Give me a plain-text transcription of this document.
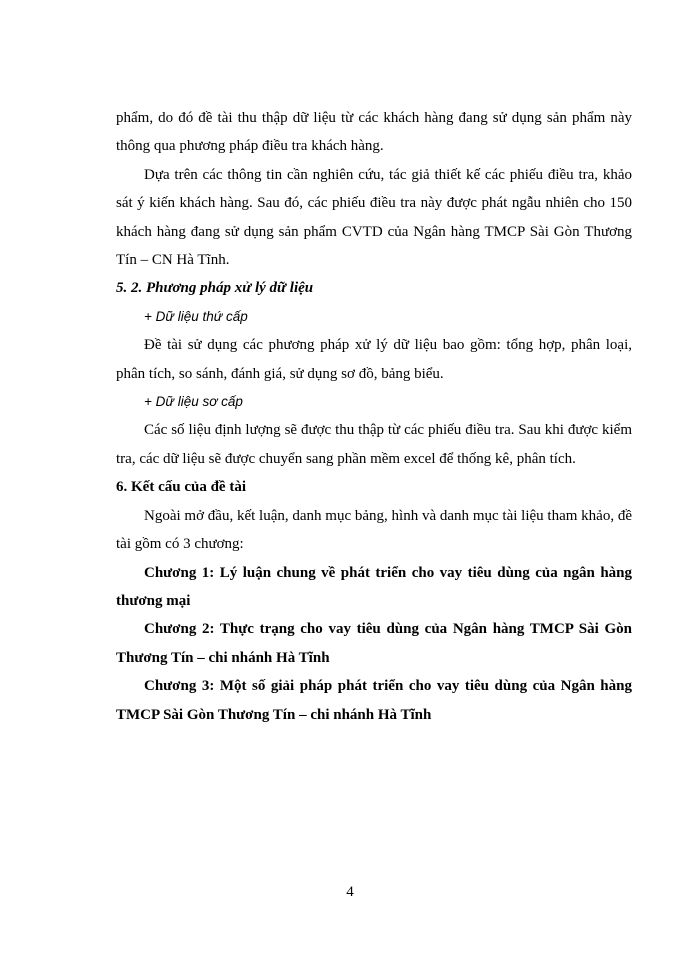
phẩm, do đó đề tài thu thập dữ liệu từ các khách hàng đang sử dụng sản phẩm này thông qua phương pháp điều tra khách hàng.

Dựa trên các thông tin cần nghiên cứu, tác giả thiết kế các phiếu điều tra, khảo sát ý kiến khách hàng. Sau đó, các phiếu điều tra này được phát ngẫu nhiên cho 150 khách hàng đang sử dụng sản phẩm CVTD của Ngân hàng TMCP Sài Gòn Thương Tín – CN Hà Tĩnh.

5. 2. Phương pháp xử lý dữ liệu

+ Dữ liệu thứ cấp

Đề tài sử dụng các phương pháp xử lý dữ liệu bao gồm: tổng hợp, phân loại, phân tích, so sánh, đánh giá, sử dụng sơ đồ, bảng biểu.

+ Dữ liệu sơ cấp

Các số liệu định lượng sẽ được thu thập từ các phiếu điều tra. Sau khi được kiểm tra, các dữ liệu sẽ được chuyển sang phần mềm excel để thống kê, phân tích.

6. Kết cấu của đề tài

Ngoài mở đầu, kết luận, danh mục bảng, hình và danh mục tài liệu tham khảo, đề tài gồm có 3 chương:

Chương 1: Lý luận chung về phát triển cho vay tiêu dùng của ngân hàng thương mại

Chương 2: Thực trạng cho vay tiêu dùng của Ngân hàng TMCP Sài Gòn Thương Tín – chi nhánh Hà Tĩnh

Chương 3: Một số giải pháp phát triển cho vay tiêu dùng của Ngân hàng TMCP Sài Gòn Thương Tín – chi nhánh Hà Tĩnh

4
